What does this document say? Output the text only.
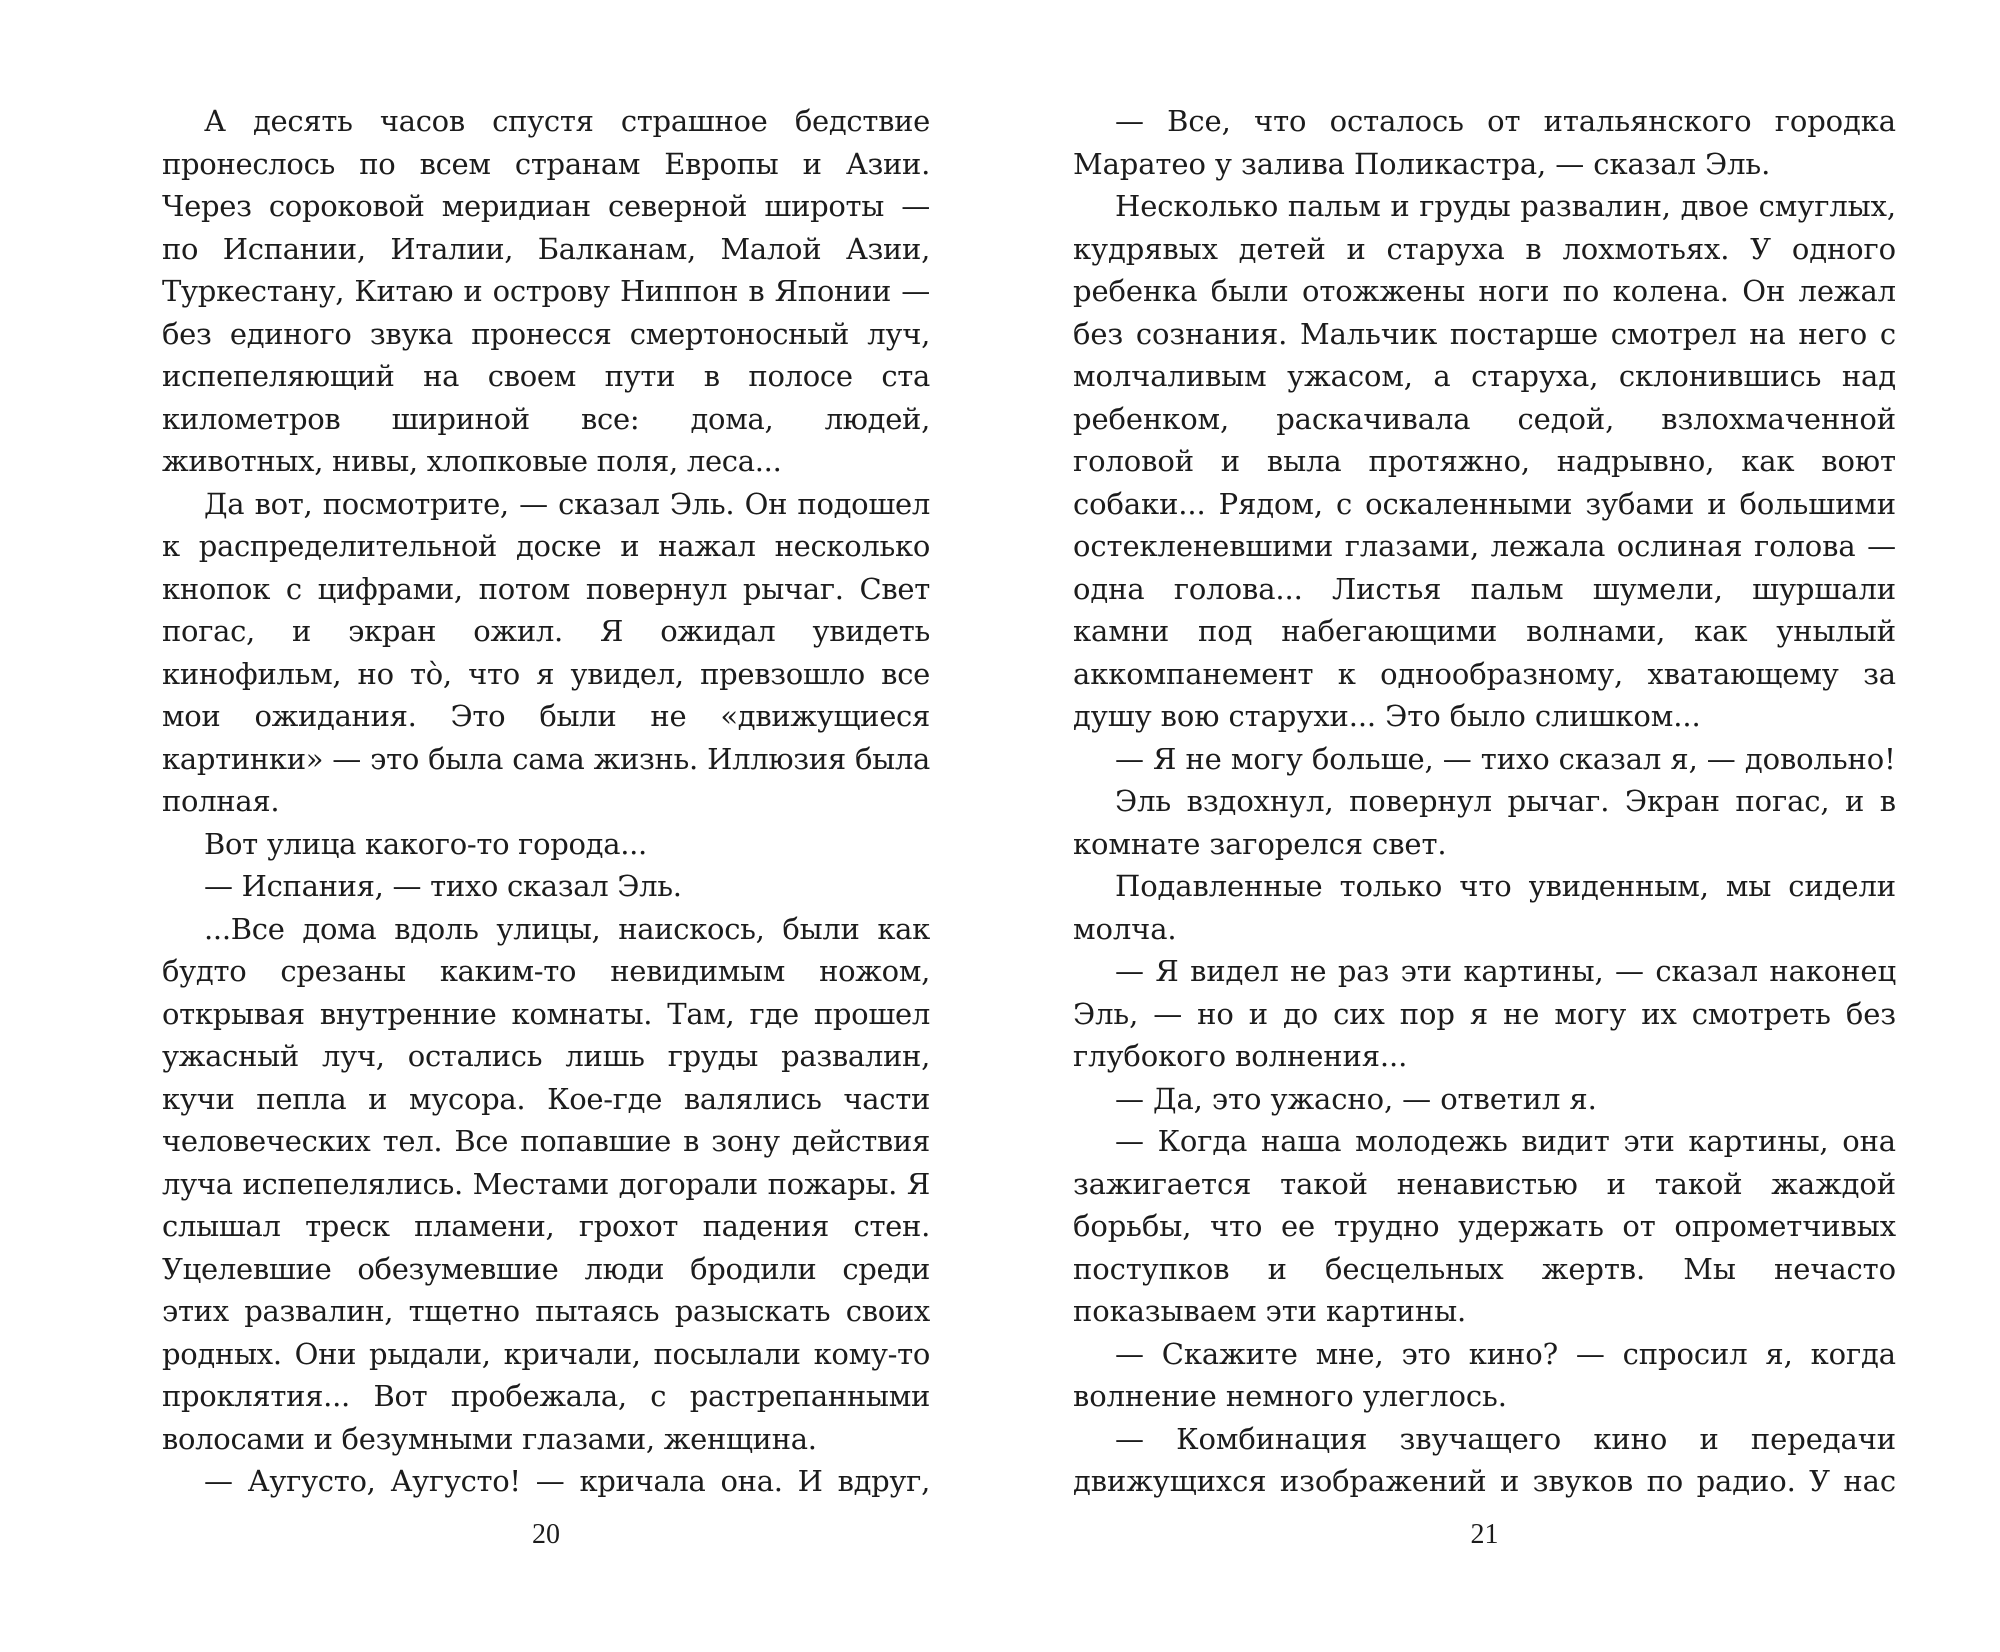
А десять часов спустя страшное бедствие пронеслось по всем странам Европы и Азии. Через сороковой меридиан северной широты — по Испании, Италии, Балканам, Малой Азии, Туркестану, Китаю и острову Ниппон в Японии — без единого звука пронесся смертоносный луч, испепеляющий на своем пути в полосе ста километров шириной все: дома, людей, животных, нивы, хлопковые поля, леса...

Да вот, посмотрите, — сказал Эль. Он подошел к распределительной доске и нажал несколько кнопок с цифрами, потом повернул рычаг. Свет погас, и экран ожил. Я ожидал увидеть кинофильм, но то̀, что я увидел, превзошло все мои ожидания. Это были не «движущиеся картинки» — это была сама жизнь. Иллюзия была полная.

Вот улица какого-то города...

— Испания, — тихо сказал Эль.

...Все дома вдоль улицы, наискось, были как будто срезаны каким-то невидимым ножом, открывая внутренние комнаты. Там, где прошел ужасный луч, остались лишь груды развалин, кучи пепла и мусора. Кое-где валялись части человеческих тел. Все попавшие в зону действия луча испепелялись. Местами догорали пожары. Я слышал треск пламени, грохот падения стен. Уцелевшие обезумевшие люди бродили среди этих развалин, тщетно пытаясь разыскать своих родных. Они рыдали, кричали, посылали кому-то проклятия... Вот пробежала, с растрепанными волосами и безумными глазами, женщина.

— Аугусто, Аугусто! — кричала она. И вдруг,

20

— Все, что осталось от итальянского городка Маратео у залива Поликастра, — сказал Эль.

Несколько пальм и груды развалин, двое смуглых, кудрявых детей и старуха в лохмотьях. У одного ребенка были отожжены ноги по колена. Он лежал без сознания. Мальчик постарше смотрел на него с молчаливым ужасом, а старуха, склонившись над ребенком, раскачивала седой, взлохмаченной головой и выла протяжно, надрывно, как воют собаки... Рядом, с оскаленными зубами и большими остекленевшими глазами, лежала ослиная голова — одна голова... Листья пальм шумели, шуршали камни под набегающими волнами, как унылый аккомпанемент к однообразному, хватающему за душу вою старухи... Это было слишком...

— Я не могу больше, — тихо сказал я, — довольно!

Эль вздохнул, повернул рычаг. Экран погас, и в комнате загорелся свет.

Подавленные только что увиденным, мы сидели молча.

— Я видел не раз эти картины, — сказал наконец Эль, — но и до сих пор я не могу их смотреть без глубокого волнения...

— Да, это ужасно, — ответил я.

— Когда наша молодежь видит эти картины, она зажигается такой ненавистью и такой жаждой борьбы, что ее трудно удержать от опрометчивых поступков и бесцельных жертв. Мы нечасто показываем эти картины.

— Скажите мне, это кино? — спросил я, когда волнение немного улеглось.

— Комбинация звучащего кино и передачи движущихся изображений и звуков по радио. У нас

21
